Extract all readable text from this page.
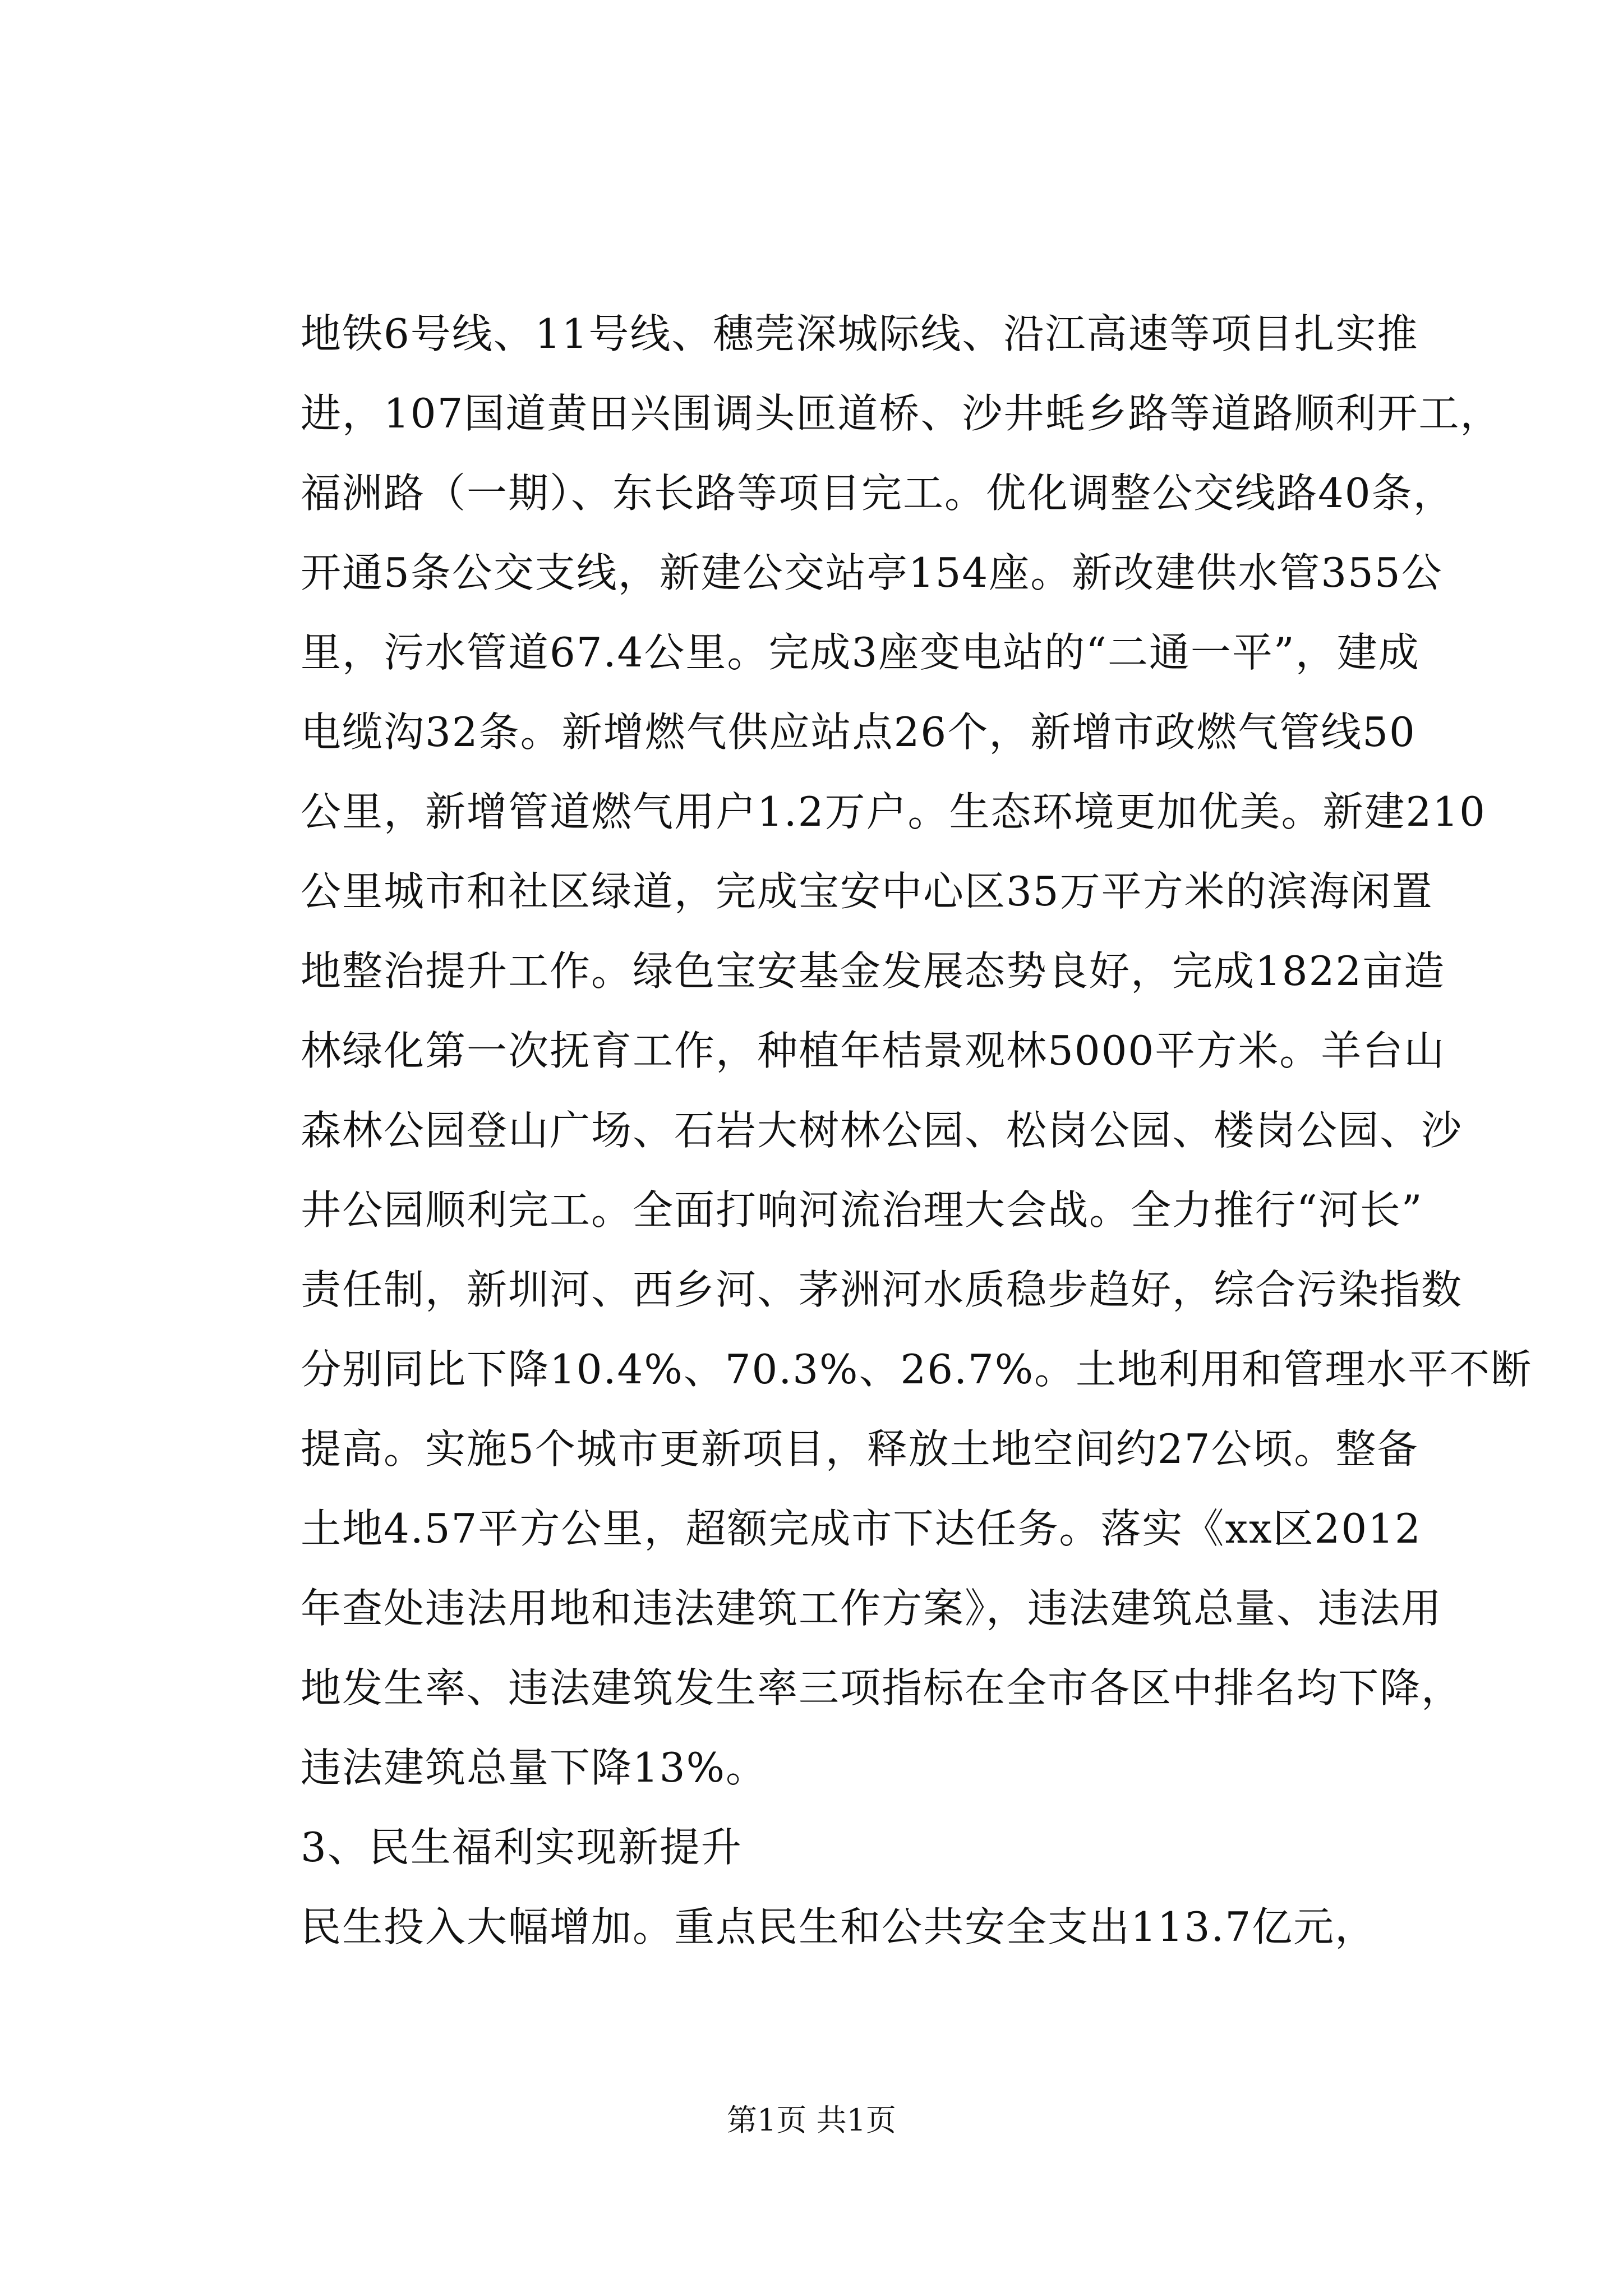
地铁6号线、11号线、穗莞深城际线、沿江高速等项目扎实推
进，107国道黄田兴围调头匝道桥、沙井蚝乡路等道路顺利开工，
福洲路（一期）、东长路等项目完工。优化调整公交线路40条，
开通5条公交支线，新建公交站亭154座。新改建供水管355公
里，污水管道67.4公里。完成3座变电站的“二通一平”，建成
电缆沟32条。新增燃气供应站点26个，新增市政燃气管线50
公里，新增管道燃气用户1.2万户。生态环境更加优美。新建210
公里城市和社区绿道，完成宝安中心区35万平方米的滨海闲置
地整治提升工作。绿色宝安基金发展态势良好，完成1822亩造
林绿化第一次抚育工作，种植年桔景观林5000平方米。羊台山
森林公园登山广场、石岩大树林公园、松岗公园、楼岗公园、沙
井公园顺利完工。全面打响河流治理大会战。全力推行“河长”
责任制，新圳河、西乡河、茅洲河水质稳步趋好，综合污染指数
分别同比下降10.4%、70.3%、26.7%。土地利用和管理水平不断
提高。实施5个城市更新项目，释放土地空间约27公顷。整备
土地4.57平方公里，超额完成市下达任务。落实《xx区2012
年查处违法用地和违法建筑工作方案》，违法建筑总量、违法用
地发生率、违法建筑发生率三项指标在全市各区中排名均下降，
违法建筑总量下降13%。
3、民生福利实现新提升
民生投入大幅增加。重点民生和公共安全支出113.7亿元，
第1页 共1页
